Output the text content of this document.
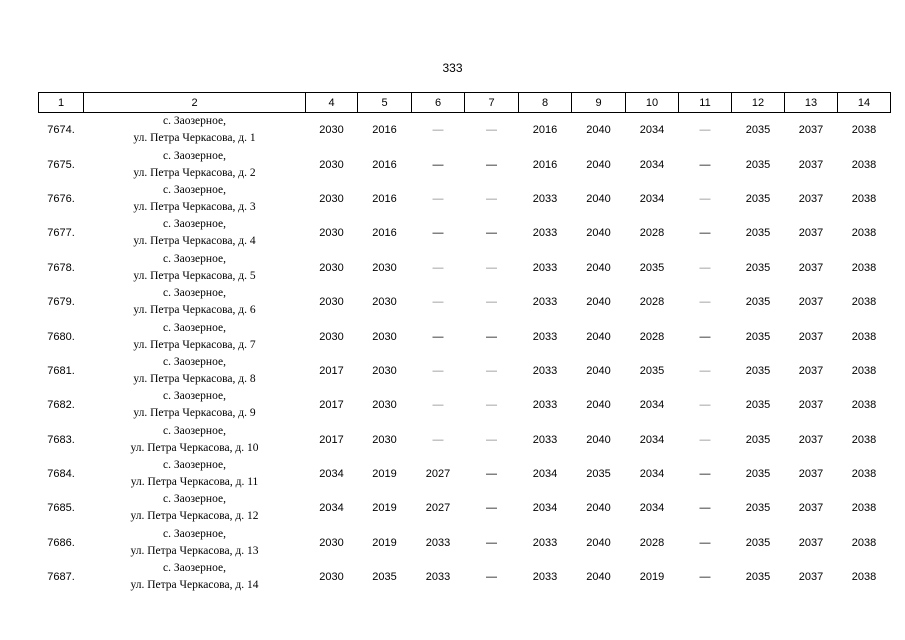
333
1	2	4	5	6	7	8	9	10	11	12	13	14
7674.	с. Заозерное,
ул. Петра Черкасова, д. 1	2030	2016	—	—	2016	2040	2034	—	2035	2037	2038
7675.	с. Заозерное,
ул. Петра Черкасова, д. 2	2030	2016	—	—	2016	2040	2034	—	2035	2037	2038
7676.	с. Заозерное,
ул. Петра Черкасова, д. 3	2030	2016	—	—	2033	2040	2034	—	2035	2037	2038
7677.	с. Заозерное,
ул. Петра Черкасова, д. 4	2030	2016	—	—	2033	2040	2028	—	2035	2037	2038
7678.	с. Заозерное,
ул. Петра Черкасова, д. 5	2030	2030	—	—	2033	2040	2035	—	2035	2037	2038
7679.	с. Заозерное,
ул. Петра Черкасова, д. 6	2030	2030	—	—	2033	2040	2028	—	2035	2037	2038
7680.	с. Заозерное,
ул. Петра Черкасова, д. 7	2030	2030	—	—	2033	2040	2028	—	2035	2037	2038
7681.	с. Заозерное,
ул. Петра Черкасова, д. 8	2017	2030	—	—	2033	2040	2035	—	2035	2037	2038
7682.	с. Заозерное,
ул. Петра Черкасова, д. 9	2017	2030	—	—	2033	2040	2034	—	2035	2037	2038
7683.	с. Заозерное,
ул. Петра Черкасова, д. 10	2017	2030	—	—	2033	2040	2034	—	2035	2037	2038
7684.	с. Заозерное,
ул. Петра Черкасова, д. 11	2034	2019	2027	—	2034	2035	2034	—	2035	2037	2038
7685.	с. Заозерное,
ул. Петра Черкасова, д. 12	2034	2019	2027	—	2034	2040	2034	—	2035	2037	2038
7686.	с. Заозерное,
ул. Петра Черкасова, д. 13	2030	2019	2033	—	2033	2040	2028	—	2035	2037	2038
7687.	с. Заозерное,
ул. Петра Черкасова, д. 14	2030	2035	2033	—	2033	2040	2019	—	2035	2037	2038
